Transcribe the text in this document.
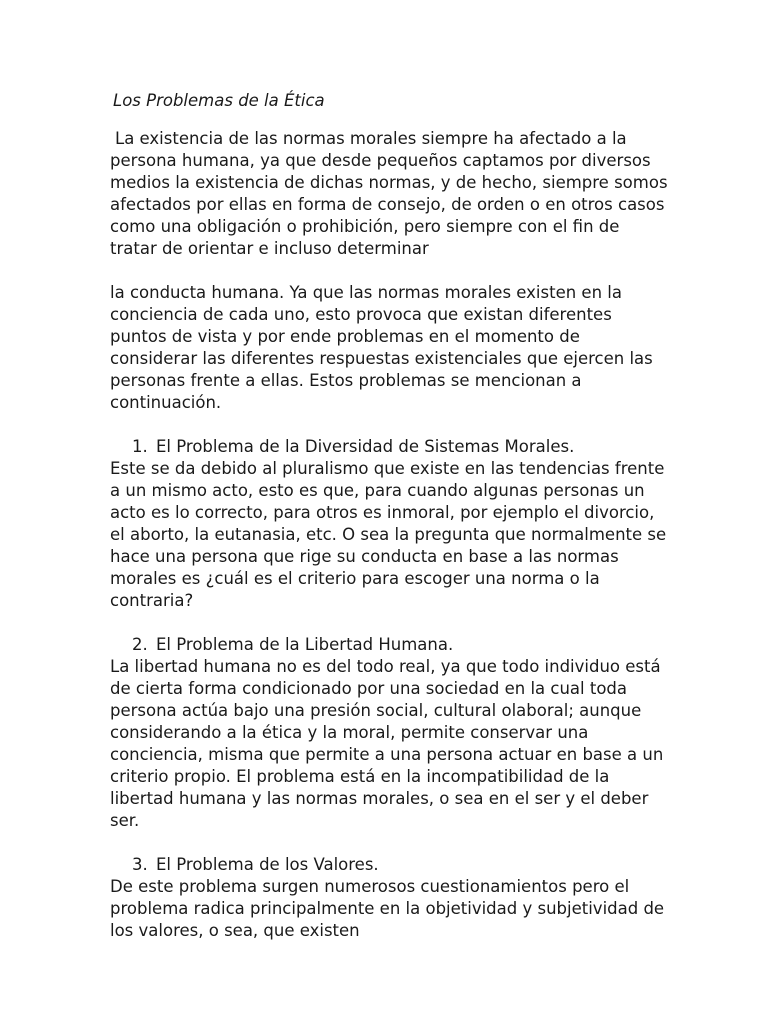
Los Problemas de la Ética

La existencia de las normas morales siempre ha afectado a la persona humana, ya que desde pequeños captamos por diversos medios la existencia de dichas normas, y de hecho, siempre somos afectados por ellas en forma de consejo, de orden o en otros casos como una obligación o prohibición, pero siempre con el fin de tratar de orientar e incluso determinar

la conducta humana. Ya que las normas morales existen en la conciencia de cada uno, esto provoca que existan diferentes puntos de vista y por ende problemas en el momento de considerar las diferentes respuestas existenciales que ejercen las personas frente a ellas. Estos problemas se mencionan a continuación.

1. El Problema de la Diversidad de Sistemas Morales.

Este se da debido al pluralismo que existe en las tendencias frente a un mismo acto, esto es que, para cuando algunas personas un acto es lo correcto, para otros es inmoral, por ejemplo el divorcio, el aborto, la eutanasia, etc. O sea la pregunta que normalmente se hace una persona que rige su conducta en base a las normas morales es ¿cuál es el criterio para escoger una norma o la contraria?

2. El Problema de la Libertad Humana.

La libertad humana no es del todo real, ya que todo individuo está de cierta forma condicionado por una sociedad en la cual toda persona actúa bajo una presión social, cultural olaboral; aunque considerando a la ética y la moral, permite conservar una conciencia, misma que permite a una persona actuar en base a un criterio propio. El problema está en la incompatibilidad de la libertad humana y las normas morales, o sea en el ser y el deber ser.

3. El Problema de los Valores.

De este problema surgen numerosos cuestionamientos pero el problema radica principalmente en la objetividad y subjetividad de los valores, o sea, que existen
